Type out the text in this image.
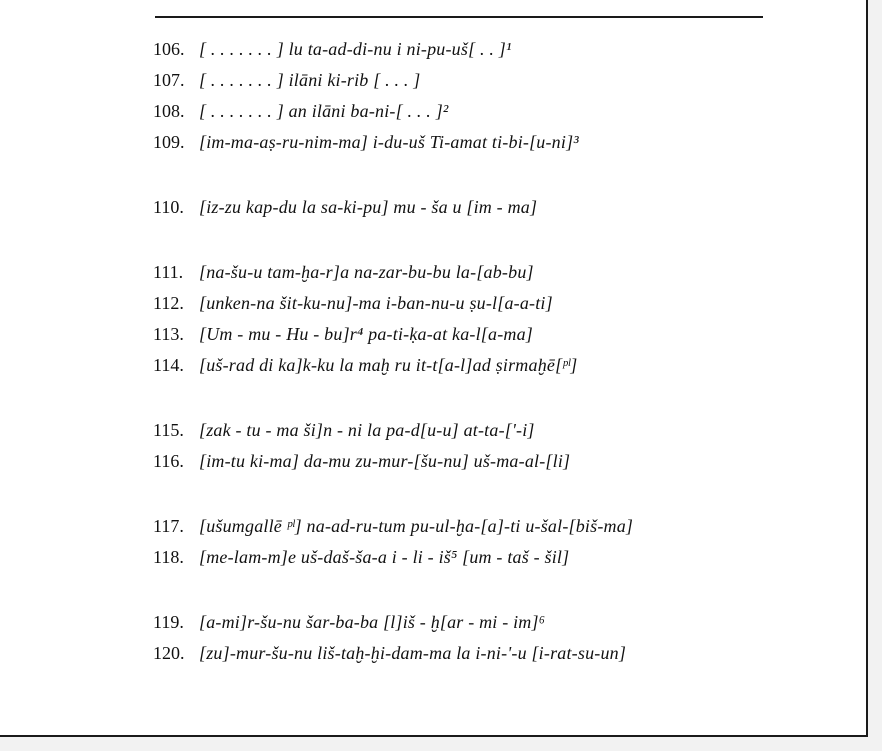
106. [ . . . . . . . ] lu ta-ad-di-nu i ni-pu-uš[ . . ]¹
107. [ . . . . . . . ] ilāni ki-rib [ . . . ]
108. [ . . . . . . . ] an ilāni ba-ni-[ . . . ]²
109. [im-ma-aṣ-ru-nim-ma] i-du-uš Ti-amat ti-bi-[u-ni]³
110. [iz-zu kap-du la sa-ki-pu] mu - ša u [im - ma]
111. [na-šu-u tam-ḫa-r]a na-zar-bu-bu la-[ab-bu]
112. [unken-na šit-ku-nu]-ma i-ban-nu-u ṣu-l[a-a-ti]
113. [Um - mu - Hu - bu]r⁴ pa-ti-ḳa-at ka-l[a-ma]
114. [uš-rad di ka]k-ku la maḫ ru it-t[a-l]ad ṣirmaḫē[ᵖˡ]
115. [zak - tu - ma ši]n - ni la pa-d[u-u] at-ta-['-i]
116. [im-tu ki-ma] da-mu zu-mur-[šu-nu] uš-ma-al-[li]
117. [ušumgallē ᵖˡ] na-ad-ru-tum pu-ul-ḫa-[a]-ti u-šal-[biš-ma]
118. [me-lam-m]e uš-daš-ša-a i - li - iš⁵ [um - taš - šil]
119. [a-mi]r-šu-nu šar-ba-ba [l]iš - ḫ[ar - mi - im]⁶
120. [zu]-mur-šu-nu liš-taḫ-ḫi-dam-ma la i-ni-'-u [i-rat-su-un]
